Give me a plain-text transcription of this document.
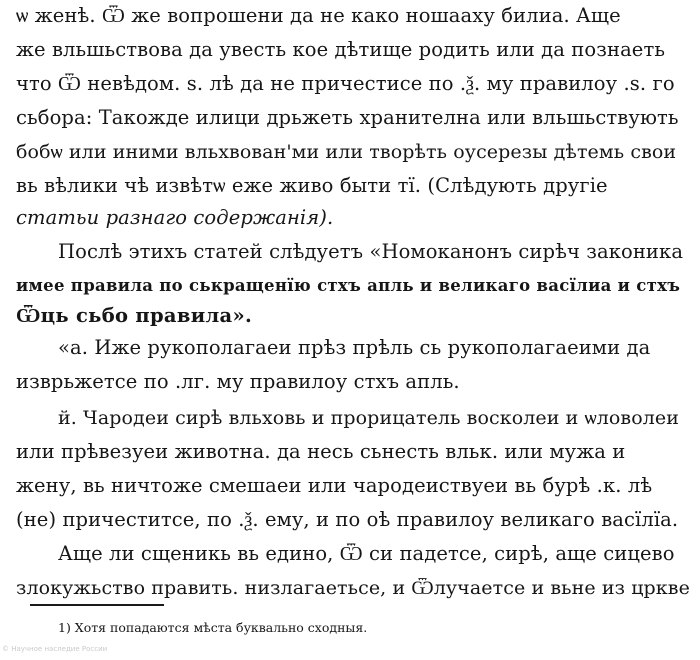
ѡ женѣ. Ѿ же вопрошени да не како ношааху билиа. Аще
же вльшьствова да увесть кое дѣтище родить или да познаеть
что Ѿ невѣдом. ѕ. лѣ да не причестисе по .ѯ. му правилоу .ѕ. го
сьбора: Такожде илици дрьжеть хранителна или вльшьствують
бобѡ или иними вльхвован'ми или творѣть оусерезы дѣтемь свои
вь вѣлики чѣ извѣтѡ еже живо быти тї. (Слѣдують другiе
статьи разнаго содержанiя).
Послѣ этихъ статей слѣдуетъ «Номоканонъ сирѣч законика
имее правила по ськращенїю стхъ апль и великаго васїлиа и стхъ
Ѿць сьбо правила».
«а. Иже рукополагаеи прѣз прѣль сь рукополагаеими да
изврьжетсе по .лг. му правилоу стхъ апль.
й. Чародеи сирѣ вльховь и прорицатель восколеи и ѡловолеи
или прѣвезуеи животна. да несь сьнесть вльк. или мужа и
жену, вь ничтоже смешаеи или чародеиствуеи вь бурѣ .к. лѣ
(не) причеститсе, по .ѯ. ему, и по оѣ правилоу великаго васїлїа.
Аще ли сщеникь вь едино, Ѿ си падетсе, сирѣ, аще сицево
злокужьство править. низлагаетьсе, и Ѿлучаетсе и вьне из цркве
1) Хотя попадаются мѣста буквально сходныя.
© Научное наследие России
